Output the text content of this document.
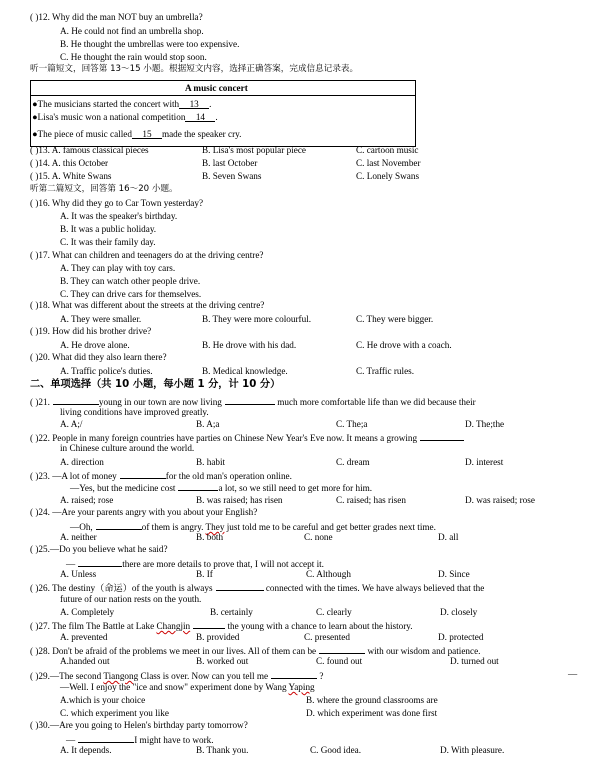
( )12. Why did the man NOT buy an umbrella?
A. He could not find an umbrella shop.
B. He thought the umbrellas were too expensive.
C. He thought the rain would stop soon.
听一篇短文，回答第 13～15 小题。根据短文内容，选择正确答案，完成信息记录表。
A music concert
●The musicians started the concert with 13 .
●Lisa's music won a national competition 14 .
●The piece of music called 15 made the speaker cry.
( )13. A. famous classical pieces	B. Lisa's most popular piece	C. cartoon music
( )14. A. this October	B. last October	C. last November
( )15. A. White Swans	B. Seven Swans	C. Lonely Swans
听第二篇短文，回答第 16～20 小题。
( )16. Why did they go to Car Town yesterday?
A. It was the speaker's birthday.
B. It was a public holiday.
C. It was their family day.
( )17. What can children and teenagers do at the driving centre?
A. They can play with toy cars.
B. They can watch other people drive.
C. They can drive cars for themselves.
( )18. What was different about the streets at the driving centre?
A. They were smaller.	B. They were more colourful.	C. They were bigger.
( )19. How did his brother drive?
A. He drove alone.	B. He drove with his dad.	C. He drove with a coach.
( )20. What did they also learn there?
A. Traffic police's duties.	B. Medical knowledge.	C. Traffic rules.
二、单项选择（共 10 小题，每小题 1 分，计 10 分）
( )21.	young in our town are now living	much more comfortable life than we did because their
living conditions have improved greatly.
A. A;/	B. A;a	C. The;a	D. The;the
( )22. People in many foreign countries have parties on Chinese New Year's Eve now. It means a growing
in Chinese culture around the world.
A. direction	B. habit	C. dream	D. interest
( )23. —A lot of money	for the old man's operation online.
—Yes, but the medicine cost	a lot, so we still need to get more for him.
A. raised; rose	B. was raised; has risen	C. raised; has risen	D. was raised; rose
( )24. —Are your parents angry with you about your English?
—Oh,	of them is angry. They just told me to be careful and get better grades next time.
A. neither	B. both	C. none	D. all
( )25.—Do you believe what he said?
—	there are more details to prove that, I will not accept it.
A. Unless	B. If	C. Although	D. Since
( )26. The destiny（命运）of the youth is always	connected with the times. We have always believed that the
future of our nation rests on the youth.
A. Completely	B. certainly	C. clearly	D. closely
( )27. The film The Battle at Lake Changjin	the young with a chance to learn about the history.
A. prevented	B. provided	C. presented	D. protected
( )28. Don't be afraid of the problems we meet in our lives. All of them can be	with our wisdom and patience.
A.handed out	B. worked out	C. found out	D. turned out
( )29.—The second Tiangong Class is over. Now can you tell me	?	—
—Well. I enjoy the "ice and snow" experiment done by Wang Yaping
A.which is your choice	B. where the ground classrooms are
C. which experiment you like	D. which experiment was done first
( )30.—Are you going to Helen's birthday party tomorrow?
—	I might have to work.
A. It depends.	B. Thank you.	C. Good idea.	D. With pleasure.
